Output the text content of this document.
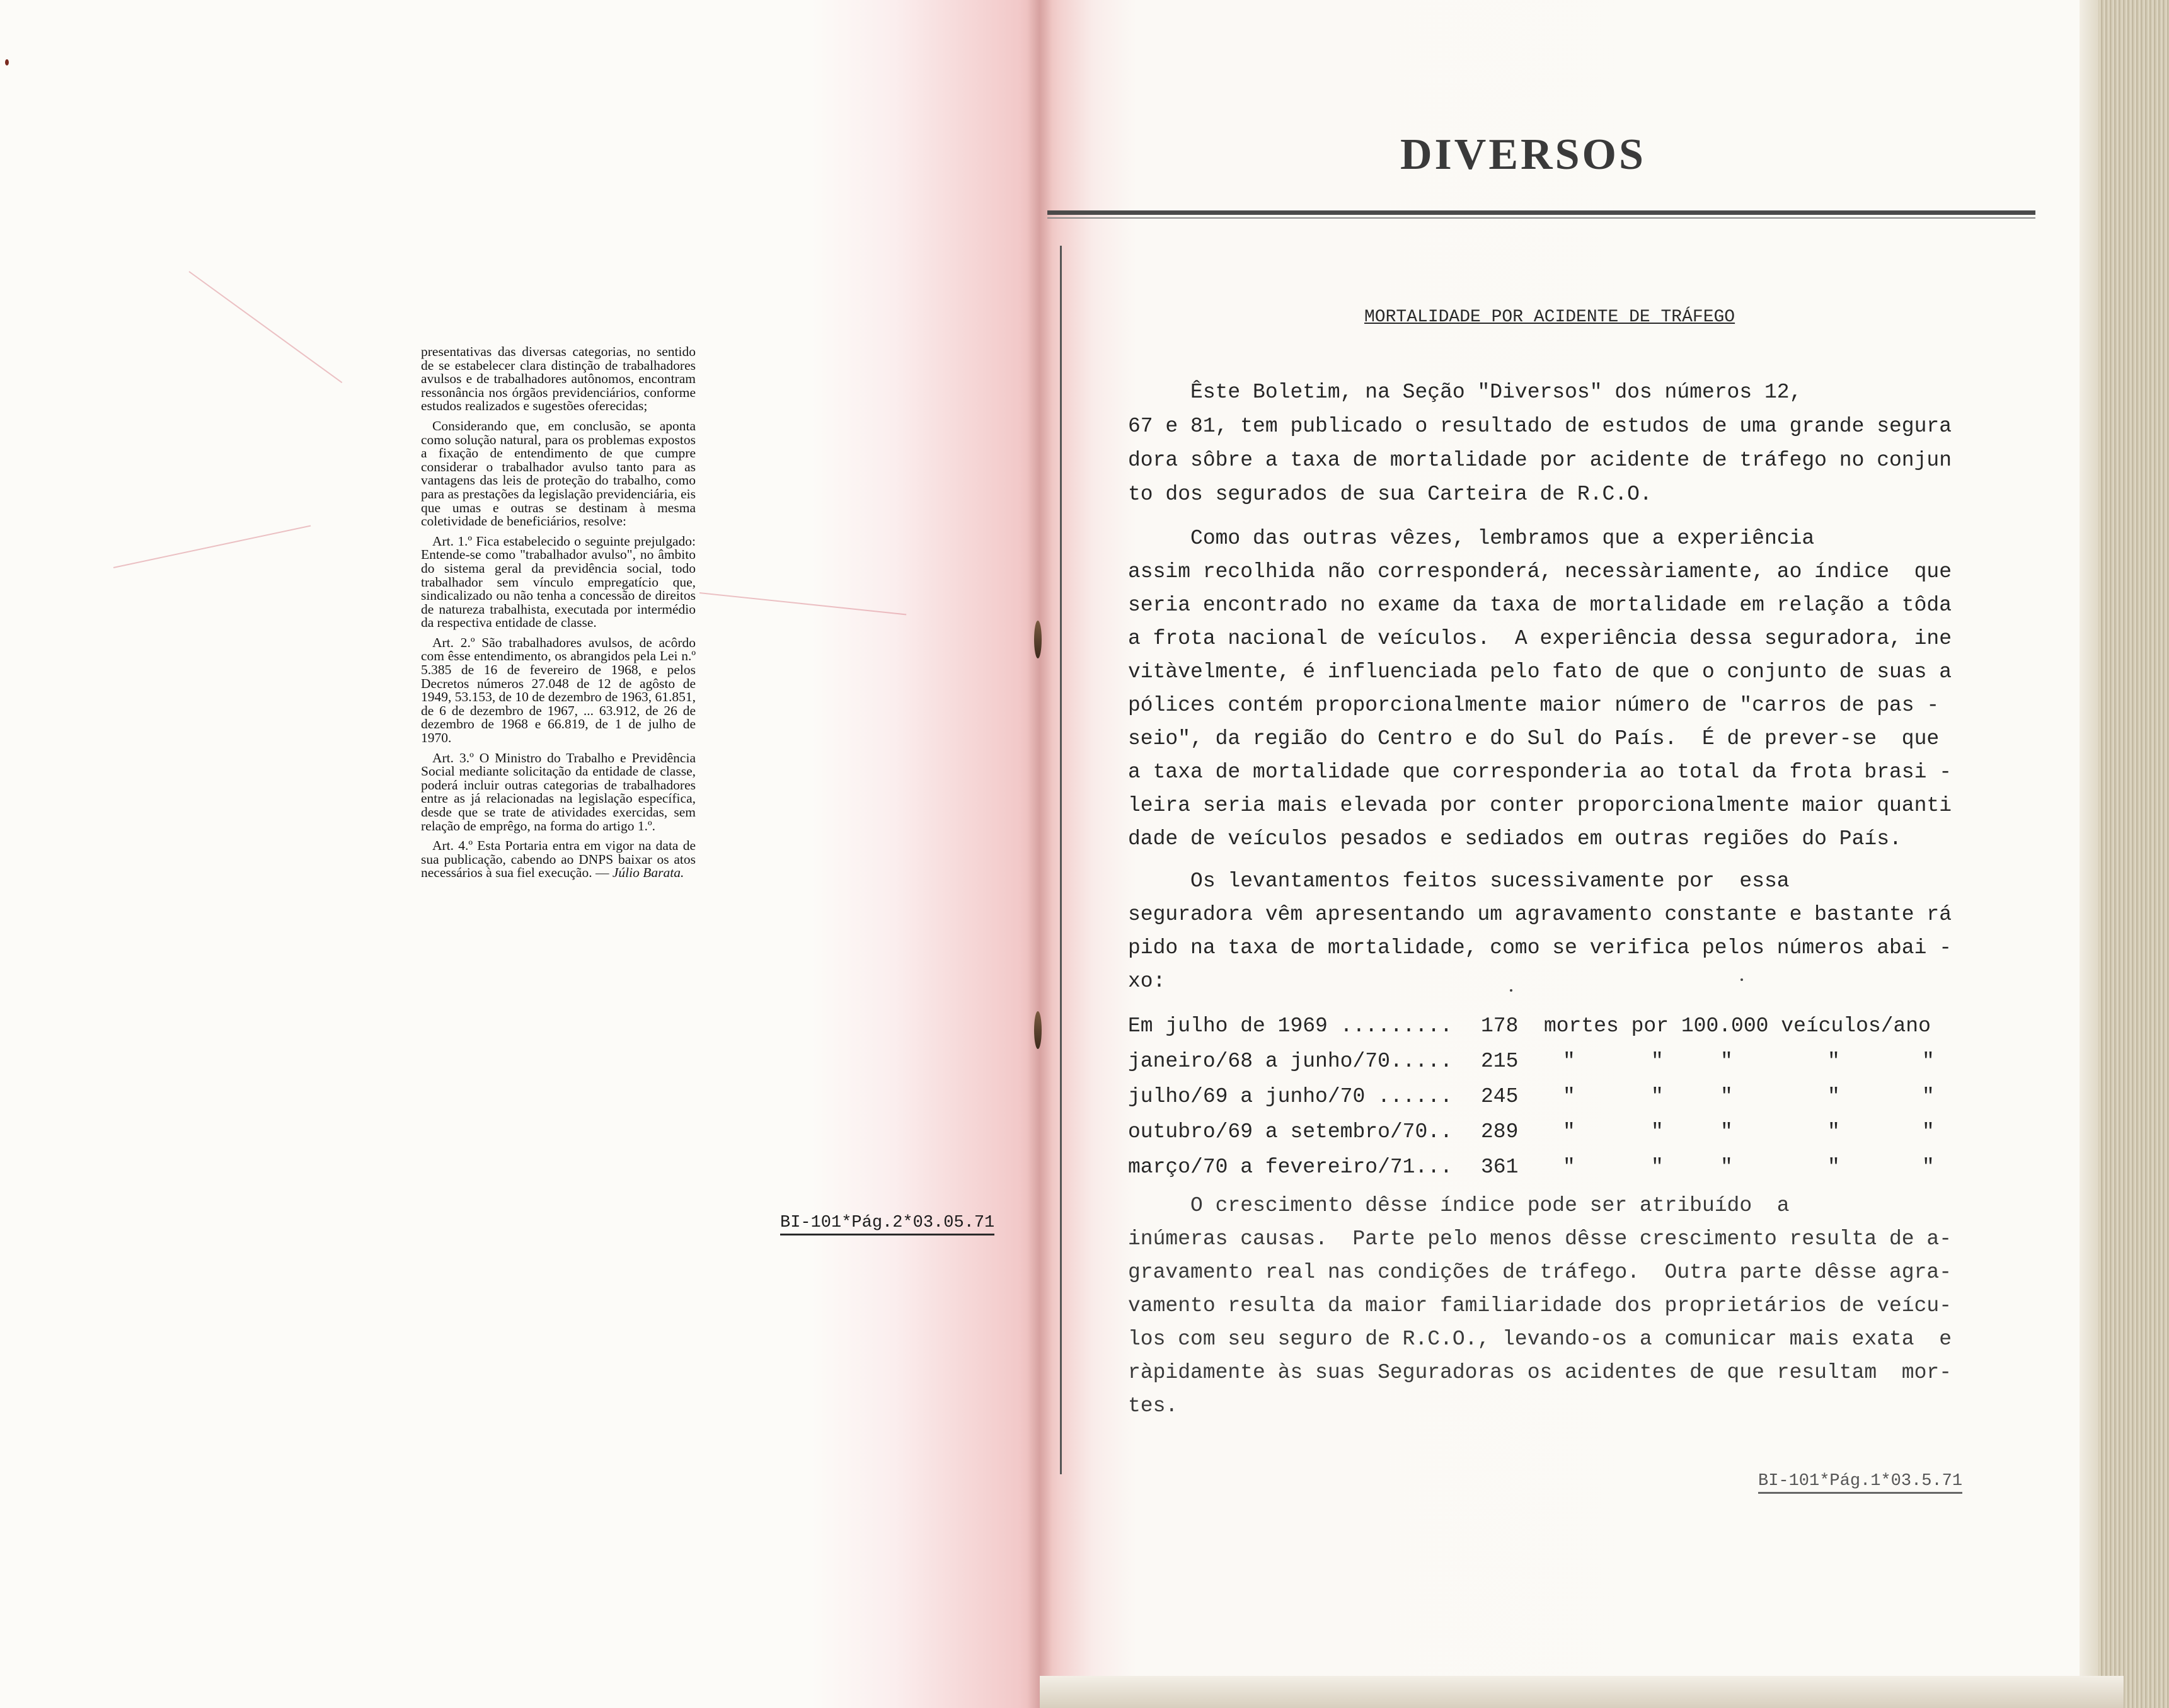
presentativas das diversas categorias, no sentido de se estabelecer clara distinção de trabalhadores avulsos e de trabalhadores autônomos, encontram ressonância nos órgãos previdenciários, conforme estudos realizados e sugestões oferecidas;

Considerando que, em conclusão, se aponta como solução natural, para os problemas expostos a fixação de entendimento de que cumpre considerar o trabalhador avulso tanto para as vantagens das leis de proteção do trabalho, como para as prestações da legislação previdenciária, eis que umas e outras se destinam à mesma coletividade de beneficiários, resolve:

Art. 1.º Fica estabelecido o seguinte prejulgado: Entende-se como "trabalhador avulso", no âmbito do sistema geral da previdência social, todo trabalhador sem vínculo empregatício que, sindicalizado ou não tenha a concessão de direitos de natureza trabalhista, executada por intermédio da respectiva entidade de classe.

Art. 2.º São trabalhadores avulsos, de acôrdo com êsse entendimento, os abrangidos pela Lei n.º 5.385 de 16 de fevereiro de 1968, e pelos Decretos números 27.048 de 12 de agôsto de 1949, 53.153, de 10 de dezembro de 1963, 61.851, de 6 de dezembro de 1967, ... 63.912, de 26 de dezembro de 1968 e 66.819, de 1 de julho de 1970.

Art. 3.º O Ministro do Trabalho e Previdência Social mediante solicitação da entidade de classe, poderá incluir outras categorias de trabalhadores entre as já relacionadas na legislação específica, desde que se trate de atividades exercidas, sem relação de emprêgo, na forma do artigo 1.º.

Art. 4.º Esta Portaria entra em vigor na data de sua publicação, cabendo ao DNPS baixar os atos necessários à sua fiel execução. — Júlio Barata.

BI-101*Pág.2*03.05.71
DIVERSOS
MORTALIDADE POR ACIDENTE DE TRÁFEGO
Êste Boletim, na Seção "Diversos" dos números 12,
67 e 81, tem publicado o resultado de estudos de uma grande segura
dora sôbre a taxa de mortalidade por acidente de tráfego no conjun
to dos segurados de sua Carteira de R.C.O.
Como das outras vêzes, lembramos que a experiência
assim recolhida não corresponderá, necessàriamente, ao índice  que
seria encontrado no exame da taxa de mortalidade em relação a tôda
a frota nacional de veículos.  A experiência dessa seguradora, ine
vitàvelmente, é influenciada pelo fato de que o conjunto de suas a
pólices contém proporcionalmente maior número de "carros de pas -
seio", da região do Centro e do Sul do País.  É de prever-se  que
a taxa de mortalidade que corresponderia ao total da frota brasi -
leira seria mais elevada por conter proporcionalmente maior quanti
dade de veículos pesados e sediados em outras regiões do País.
Os levantamentos feitos sucessivamente por  essa
seguradora vêm apresentando um agravamento constante e bastante rá
pido na taxa de mortalidade, como se verifica pelos números abai -
xo:
Em julho de 1969 ......... 178 mortes por 100.000 veículos/ano
janeiro/68 a junho/70..... 215 "	"	"	"	"
julho/69 a junho/70 ...... 245 "	"	"	"	"
outubro/69 a setembro/70.. 289 "	"	"	"	"
março/70 a fevereiro/71... 361 "	"	"	"	"
O crescimento dêsse índice pode ser atribuído  a
inúmeras causas.  Parte pelo menos dêsse crescimento resulta de a-
gravamento real nas condições de tráfego.  Outra parte dêsse agra-
vamento resulta da maior familiaridade dos proprietários de veícu-
los com seu seguro de R.C.O., levando-os a comunicar mais exata  e
ràpidamente às suas Seguradoras os acidentes de que resultam  mor-
tes.
BI-101*Pág.1*03.5.71
